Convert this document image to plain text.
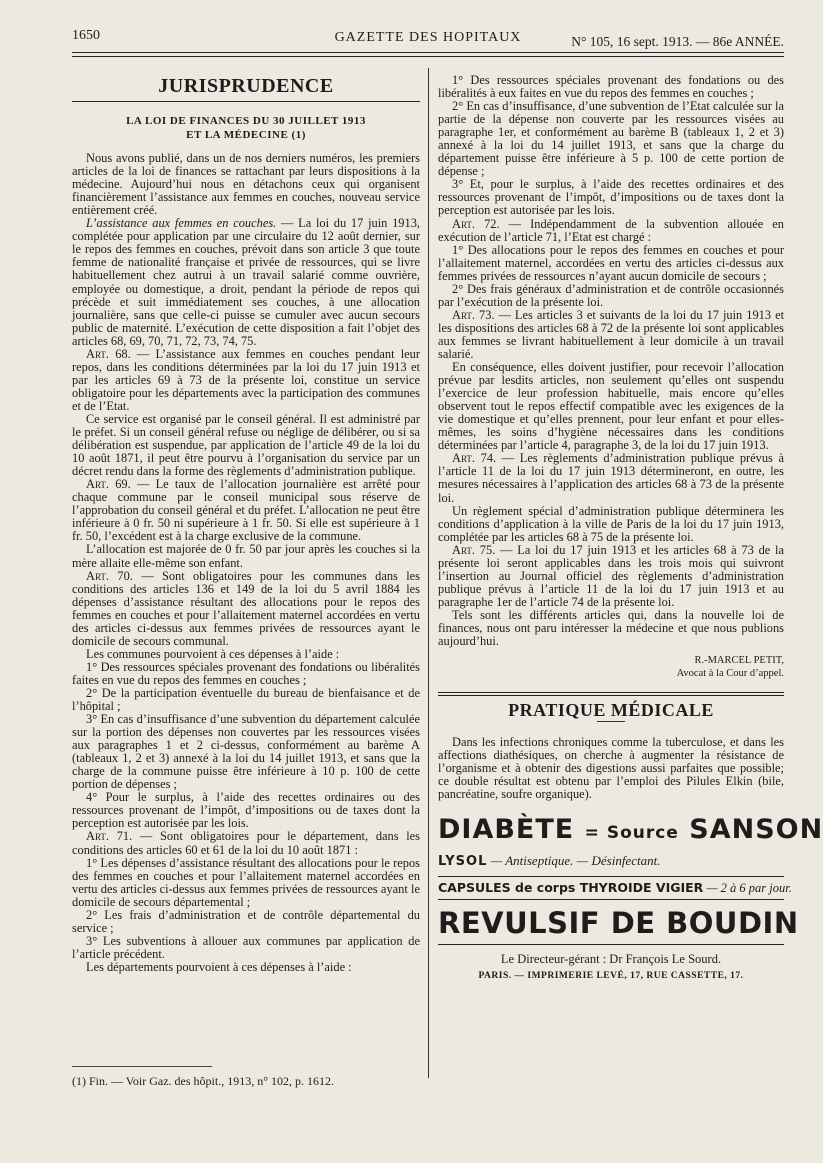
1650	GAZETTE DES HOPITAUX	N° 105, 16 sept. 1913. — 86e ANNÉE.
JURISPRUDENCE
LA LOI DE FINANCES DU 30 JUILLET 1913
ET LA MÉDECINE (1)

Nous avons publié, dans un de nos derniers numéros, les premiers articles de la loi de finances se rattachant par leurs dispositions à la médecine. Aujourd’hui nous en détachons ceux qui organisent financièrement l’assistance aux femmes en couches, nouveau service entièrement créé.

L’assistance aux femmes en couches. — La loi du 17 juin 1913, complétée pour application par une circulaire du 12 août dernier, sur le repos des femmes en couches, prévoit dans son article 3 que toute femme de nationalité française et privée de ressources, qui se livre habituellement chez autrui à un travail salarié comme ouvrière, employée ou domestique, a droit, pendant la période de repos qui précède et suit immédiatement ses couches, à une allocation journalière, sans que celle-ci puisse se cumuler avec aucun secours public de maternité. L’exécution de cette disposition a fait l’objet des articles 68, 69, 70, 71, 72, 73, 74, 75.

Art. 68. — L’assistance aux femmes en couches pendant leur repos, dans les conditions déterminées par la loi du 17 juin 1913 et par les articles 69 à 73 de la présente loi, constitue un service obligatoire pour les départements avec la participation des communes et de l’Etat.

Ce service est organisé par le conseil général. Il est administré par le préfet. Si un conseil général refuse ou néglige de délibérer, ou si sa délibération est suspendue, par application de l’article 49 de la loi du 10 août 1871, il peut être pourvu à l’organisation du service par un décret rendu dans la forme des règlements d’administration publique.

Art. 69. — Le taux de l’allocation journalière est arrêté pour chaque commune par le conseil municipal sous réserve de l’approbation du conseil général et du préfet. L’allocation ne peut être inférieure à 0 fr. 50 ni supérieure à 1 fr. 50. Si elle est supérieure à 1 fr. 50, l’excédent est à la charge exclusive de la commune.

L’allocation est majorée de 0 fr. 50 par jour après les couches si la mère allaite elle-même son enfant.

Art. 70. — Sont obligatoires pour les communes dans les conditions des articles 136 et 149 de la loi du 5 avril 1884 les dépenses d’assistance résultant des allocations pour le repos des femmes en couches et pour l’allaitement maternel accordées en vertu des articles ci-dessus aux femmes privées de ressources ayant le domicile de secours communal.

Les communes pourvoient à ces dépenses à l’aide :

1° Des ressources spéciales provenant des fondations ou libéralités faites en vue du repos des femmes en couches ;

2° De la participation éventuelle du bureau de bienfaisance et de l’hôpital ;

3° En cas d’insuffisance d’une subvention du département calculée sur la portion des dépenses non couvertes par les ressources visées aux paragraphes 1 et 2 ci-dessus, conformément au barème A (tableaux 1, 2 et 3) annexé à la loi du 14 juillet 1913, et sans que la charge de la commune puisse être inférieure à 10 p. 100 de cette portion de dépenses ;

4° Pour le surplus, à l’aide des recettes ordinaires ou des ressources provenant de l’impôt, d’impositions ou de taxes dont la perception est autorisée par les lois.

Art. 71. — Sont obligatoires pour le département, dans les conditions des articles 60 et 61 de la loi du 10 août 1871 :

1° Les dépenses d’assistance résultant des allocations pour le repos des femmes en couches et pour l’allaitement maternel accordées en vertu des articles ci-dessus aux femmes privées de ressources ayant le domicile de secours départemental ;

2° Les frais d’administration et de contrôle départemental du service ;

3° Les subventions à allouer aux communes par application de l’article précédent.

Les départements pourvoient à ces dépenses à l’aide :

(1) Fin. — Voir Gaz. des hôpit., 1913, n° 102, p. 1612.

1° Des ressources spéciales provenant des fondations ou des libéralités à eux faites en vue du repos des femmes en couches ;

2° En cas d’insuffisance, d’une subvention de l’Etat calculée sur la partie de la dépense non couverte par les ressources visées au paragraphe 1er, et conformément au barème B (tableaux 1, 2 et 3) annexé à la loi du 14 juillet 1913, et sans que la charge du département puisse être inférieure à 5 p. 100 de cette portion de dépense ;

3° Et, pour le surplus, à l’aide des recettes ordinaires et des ressources provenant de l’impôt, d’impositions ou de taxes dont la perception est autorisée par les lois.

Art. 72. — Indépendamment de la subvention allouée en exécution de l’article 71, l’Etat est chargé :

1° Des allocations pour le repos des femmes en couches et pour l’allaitement maternel, accordées en vertu des articles ci-dessus aux femmes privées de ressources n’ayant aucun domicile de secours ;

2° Des frais généraux d’administration et de contrôle occasionnés par l’exécution de la présente loi.

Art. 73. — Les articles 3 et suivants de la loi du 17 juin 1913 et les dispositions des articles 68 à 72 de la présente loi sont applicables aux femmes se livrant habituellement à leur domicile à un travail salarié.

En conséquence, elles doivent justifier, pour recevoir l’allocation prévue par lesdits articles, non seulement qu’elles ont suspendu l’exercice de leur profession habituelle, mais encore qu’elles observent tout le repos effectif compatible avec les exigences de la vie domestique et qu’elles prennent, pour leur enfant et pour elles-mêmes, les soins d’hygiène nécessaires dans les conditions déterminées par l’article 4, paragraphe 3, de la loi du 17 juin 1913.

Art. 74. — Les règlements d’administration publique prévus à l’article 11 de la loi du 17 juin 1913 détermineront, en outre, les mesures nécessaires à l’application des articles 68 à 73 de la présente loi.

Un règlement spécial d’administration publique déterminera les conditions d’application à la ville de Paris de la loi du 17 juin 1913, complétée par les articles 68 à 75 de la présente loi.

Art. 75. — La loi du 17 juin 1913 et les articles 68 à 73 de la présente loi seront applicables dans les trois mois qui suivront l’insertion au Journal officiel des règlements d’administration publique prévus à l’article 11 de la loi du 17 juin 1913 et au paragraphe 1er de l’article 74 de la présente loi.

Tels sont les différents articles qui, dans la nouvelle loi de finances, nous ont paru intéresser la médecine et que nous publions aujourd’hui.

R.-MARCEL PETIT,
Avocat à la Cour d’appel.
PRATIQUE MÉDICALE

Dans les infections chroniques comme la tuberculose, et dans les affections diathésiques, on cherche à augmenter la résistance de l’organisme et à obtenir des digestions aussi parfaites que possible; ce double résultat est obtenu par l’emploi des Pilules Elkin (bile, pancréatine, soufre organique).

DIABÈTE = Source SANSON
LYSOL — Antiseptique. — Désinfectant.
CAPSULES de corps THYROIDE VIGIER — 2 à 6 par jour.
REVULSIF DE BOUDIN
Le Directeur-gérant : Dr François Le Sourd.
PARIS. — IMPRIMERIE LEVÉ, 17, RUE CASSETTE, 17.
